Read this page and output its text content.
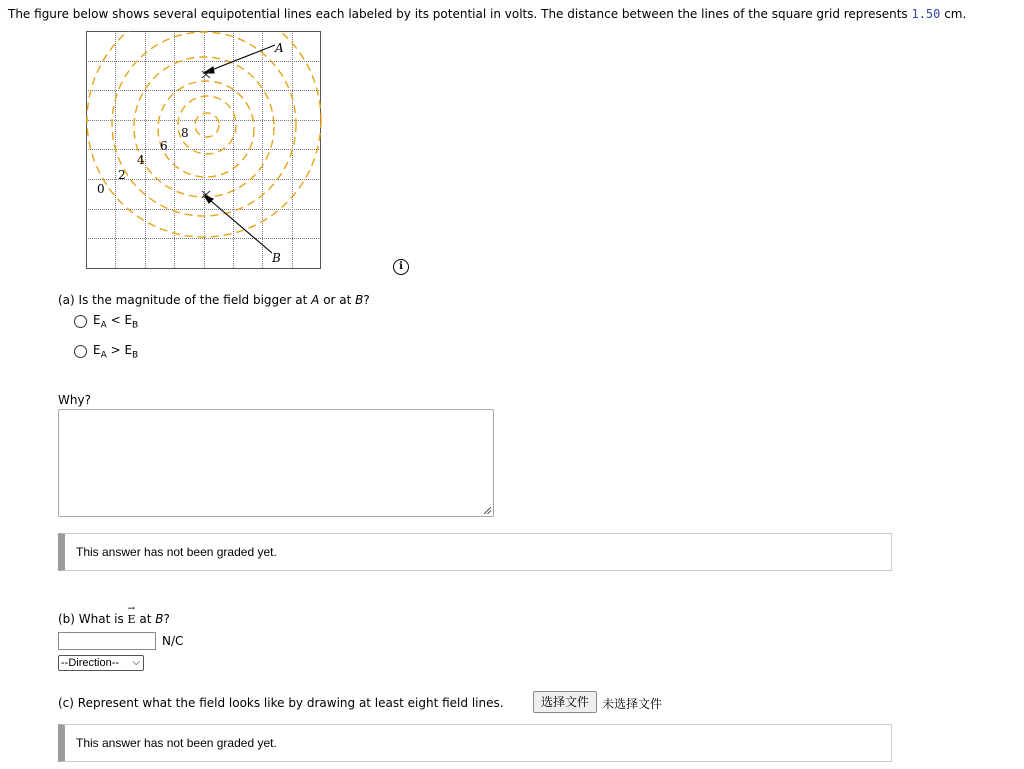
The figure below shows several equipotential lines each labeled by its potential in volts. The distance between the lines of the square grid represents 1.50 cm.
A
B
0
2
4
6
8
i
(a) Is the magnitude of the field bigger at A or at B?
$E_A < E_B$
$E_A > E_B$
Why?
This answer has not been graded yet.
(b) What is
→
E at B?
N/C
--Direction-- ⌵
(c) Represent what the field looks like by drawing at least eight field lines.	选择文件	未选择文件
This answer has not been graded yet.
